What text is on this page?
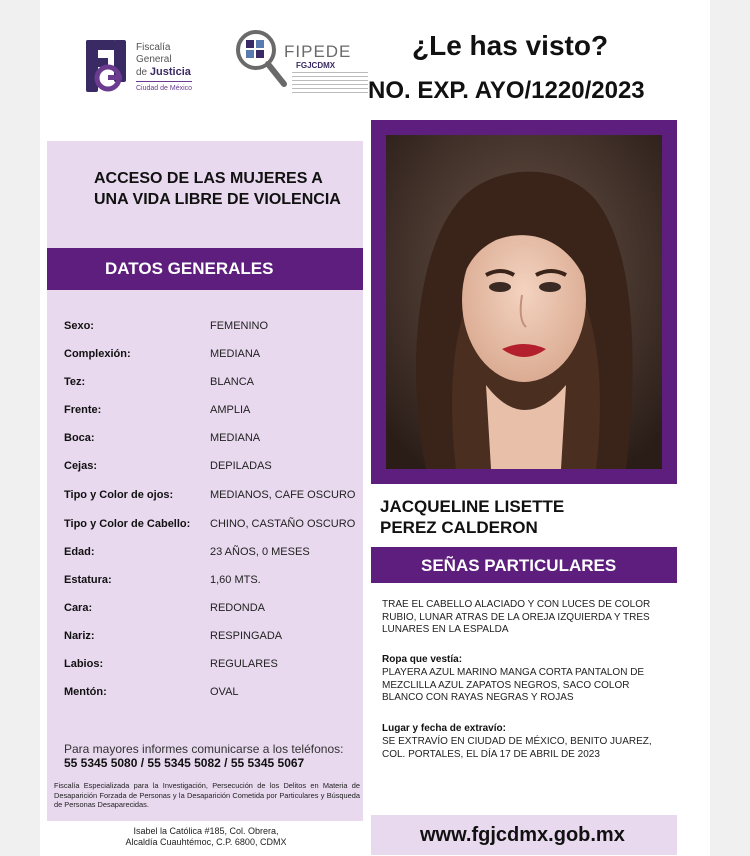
Fiscalía
General
de Justicia
Ciudad de México
FIPEDE
FGJCDMX
¿Le has visto?
NO. EXP. AYO/1220/2023
ACCESO DE LAS MUJERES A UNA VIDA LIBRE DE VIOLENCIA
DATOS GENERALES
Sexo:	FEMENINO
Complexión:	MEDIANA
Tez:	BLANCA
Frente:	AMPLIA
Boca:	MEDIANA
Cejas:	DEPILADAS
Tipo y Color de ojos:	MEDIANOS, CAFE OSCURO
Tipo y Color de Cabello: CHINO, CASTAÑO OSCURO
Edad:	23 AÑOS, 0 MESES
Estatura:	1,60 MTS.
Cara:	REDONDA
Nariz:	RESPINGADA
Labios:	REGULARES
Mentón:	OVAL
Para mayores informes comunicarse a los teléfonos:
55 5345 5080 / 55 5345 5082 / 55 5345 5067
Fiscalía Especializada para la Investigación, Persecución de los Delitos en Materia de Desaparición Forzada de Personas y la Desaparición Cometida por Particulares y Búsqueda de Personas Desaparecidas.
Isabel la Católica #185, Col. Obrera,
Alcaldía Cuauhtémoc, C.P. 6800, CDMX
JACQUELINE LISETTE
PEREZ CALDERON
SEÑAS PARTICULARES
TRAE EL CABELLO ALACIADO Y CON LUCES DE COLOR RUBIO, LUNAR ATRAS DE LA OREJA IZQUIERDA Y TRES LUNARES EN LA ESPALDA
Ropa que vestía:
PLAYERA AZUL MARINO MANGA CORTA PANTALON DE MEZCLILLA AZUL ZAPATOS NEGROS, SACO COLOR BLANCO CON RAYAS NEGRAS Y ROJAS
Lugar y fecha de extravío:
SE EXTRAVÍO EN CIUDAD DE MÉXICO, BENITO JUAREZ, COL. PORTALES, EL DÍA 17 DE ABRIL DE 2023
www.fgjcdmx.gob.mx
